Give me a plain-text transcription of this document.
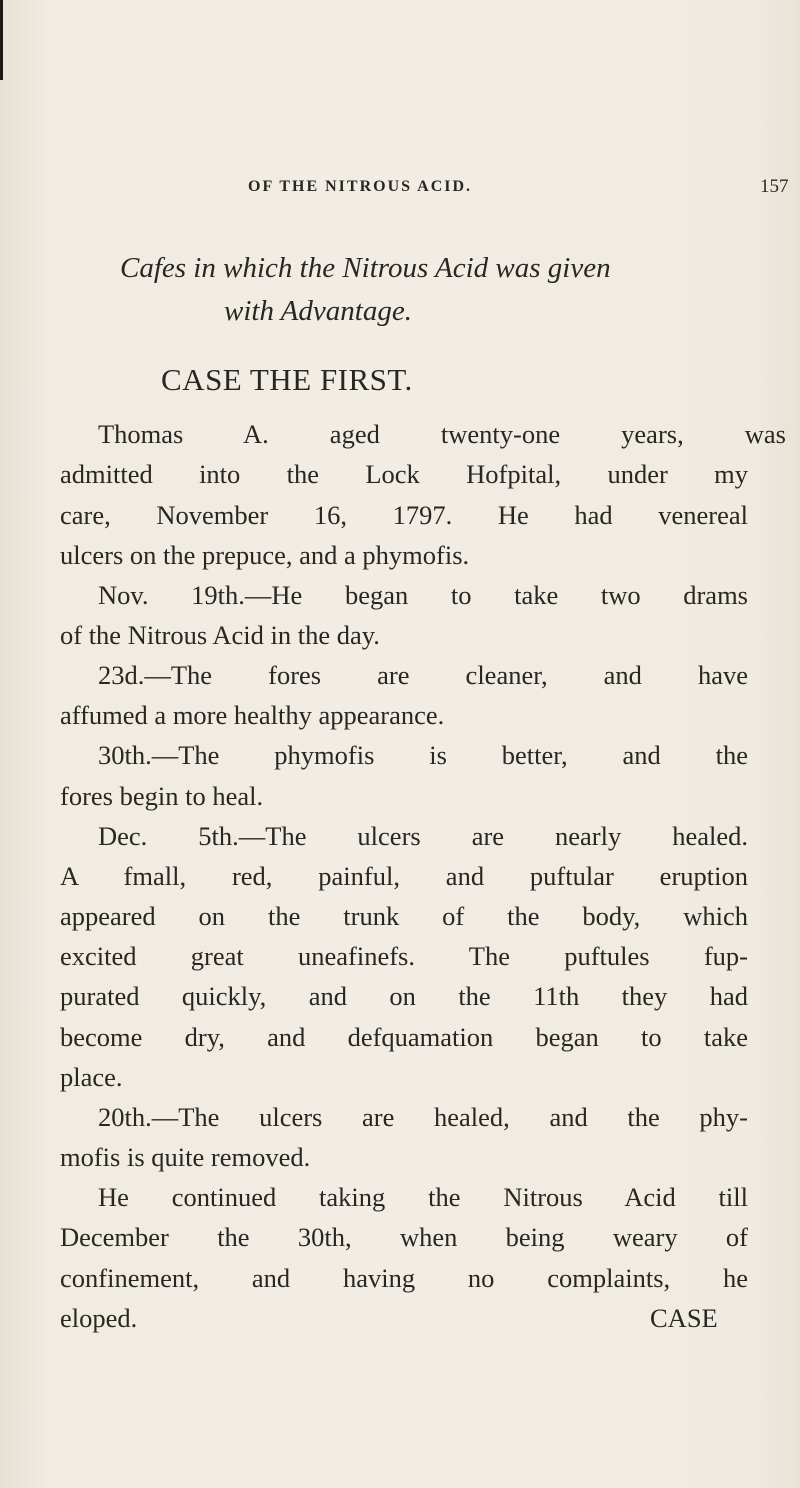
OF THE NITROUS ACID.	157
Cafes in which the Nitrous Acid was given
with Advantage.
CASE THE FIRST.
Thomas A. aged twenty-one years, was
admitted into the Lock Hofpital, under my
care, November 16, 1797. He had venereal
ulcers on the prepuce, and a phymofis.
Nov. 19th.—He began to take two drams
of the Nitrous Acid in the day.
23d.—The fores are cleaner, and have
affumed a more healthy appearance.
30th.—The phymofis is better, and the
fores begin to heal.
Dec. 5th.—The ulcers are nearly healed.
A fmall, red, painful, and puftular eruption
appeared on the trunk of the body, which
excited great uneafinefs. The puftules fup-
purated quickly, and on the 11th they had
become dry, and defquamation began to take
place.
20th.—The ulcers are healed, and the phy-
mofis is quite removed.
He continued taking the Nitrous Acid till
December the 30th, when being weary of
confinement, and having no complaints, he
eloped.	CASE
